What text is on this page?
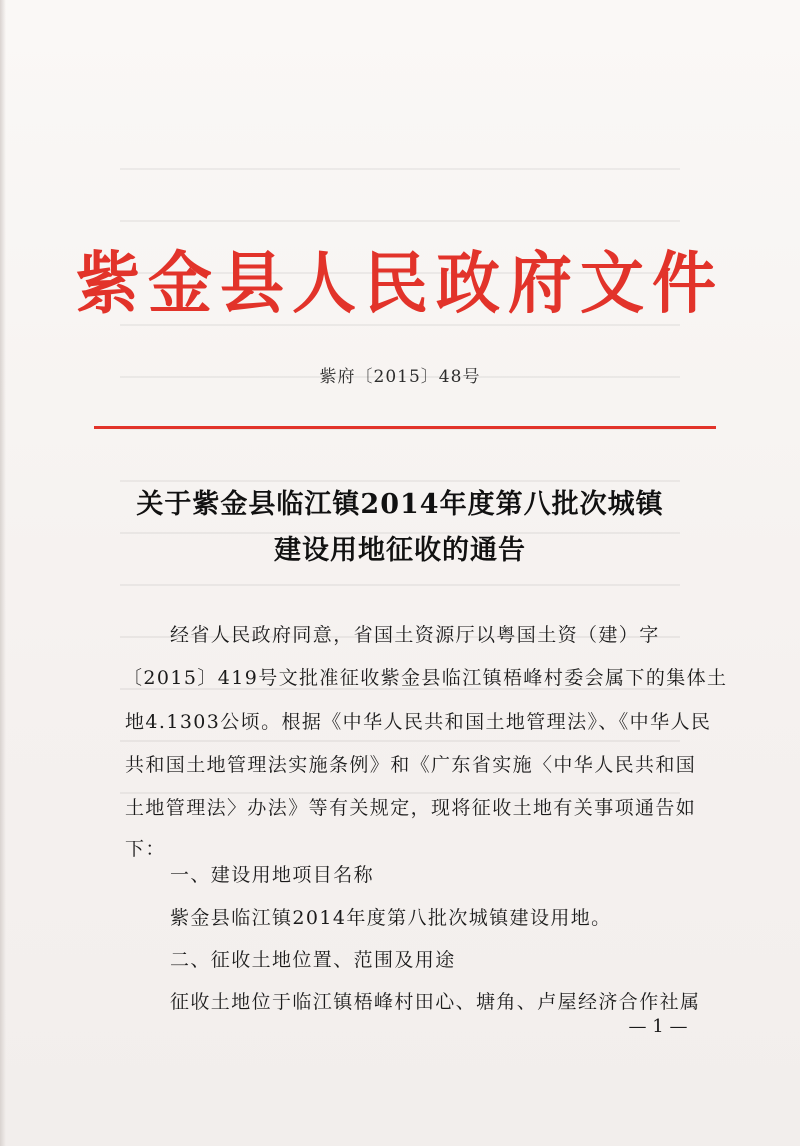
紫金县人民政府文件
紫府〔2015〕48号
关于紫金县临江镇2014年度第八批次城镇
建设用地征收的通告
经省人民政府同意，省国土资源厅以粤国土资（建）字
〔2015〕419号文批准征收紫金县临江镇梧峰村委会属下的集体土
地4.1303公顷。根据《中华人民共和国土地管理法》、《中华人民
共和国土地管理法实施条例》和《广东省实施〈中华人民共和国
土地管理法〉办法》等有关规定，现将征收土地有关事项通告如
下：
一、建设用地项目名称
紫金县临江镇2014年度第八批次城镇建设用地。
二、征收土地位置、范围及用途
征收土地位于临江镇梧峰村田心、塘角、卢屋经济合作社属
— 1 —
